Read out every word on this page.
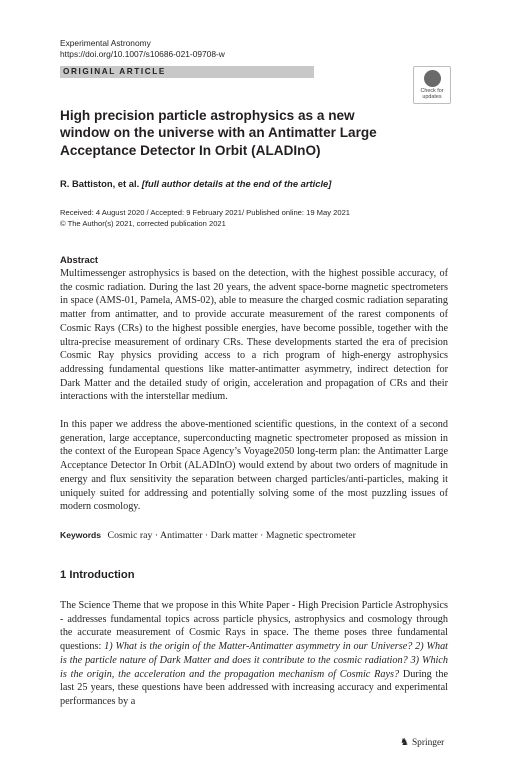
Experimental Astronomy
https://doi.org/10.1007/s10686-021-09708-w
ORIGINAL ARTICLE
Check for
updates
High precision particle astrophysics as a new window on the universe with an Antimatter Large Acceptance Detector In Orbit (ALADInO)
R. Battiston, et al. [full author details at the end of the article]
Received: 4 August 2020 / Accepted: 9 February 2021/ Published online: 19 May 2021
© The Author(s) 2021, corrected publication 2021
Abstract

Multimessenger astrophysics is based on the detection, with the highest possible accuracy, of the cosmic radiation. During the last 20 years, the advent space-borne magnetic spectrometers in space (AMS-01, Pamela, AMS-02), able to measure the charged cosmic radiation separating matter from antimatter, and to provide accurate measurement of the rarest components of Cosmic Rays (CRs) to the highest possible energies, have become possible, together with the ultra-precise measurement of ordinary CRs. These developments started the era of precision Cosmic Ray physics providing access to a rich program of high-energy astrophysics addressing fundamental questions like matter-antimatter asymmetry, indirect detection for Dark Matter and the detailed study of origin, acceleration and propagation of CRs and their interactions with the interstellar medium.

In this paper we address the above-mentioned scientific questions, in the context of a second generation, large acceptance, superconducting magnetic spectrometer proposed as mission in the context of the European Space Agency’s Voyage2050 long-term plan: the Antimatter Large Acceptance Detector In Orbit (ALADInO) would extend by about two orders of magnitude in energy and flux sensitivity the separation between charged particles/anti-particles, making it uniquely suited for addressing and potentially solving some of the most puzzling issues of modern cosmology.

Keywords Cosmic ray · Antimatter · Dark matter · Magnetic spectrometer
1 Introduction

The Science Theme that we propose in this White Paper - High Precision Particle Astrophysics - addresses fundamental topics across particle physics, astrophysics and cosmology through the accurate measurement of Cosmic Rays in space. The theme poses three fundamental questions: 1) What is the origin of the Matter-Antimatter asymmetry in our Universe? 2) What is the particle nature of Dark Matter and does it contribute to the cosmic radiation? 3) Which is the origin, the acceleration and the propagation mechanism of Cosmic Rays? During the last 25 years, these questions have been addressed with increasing accuracy and experimental performances by a

♞ Springer
